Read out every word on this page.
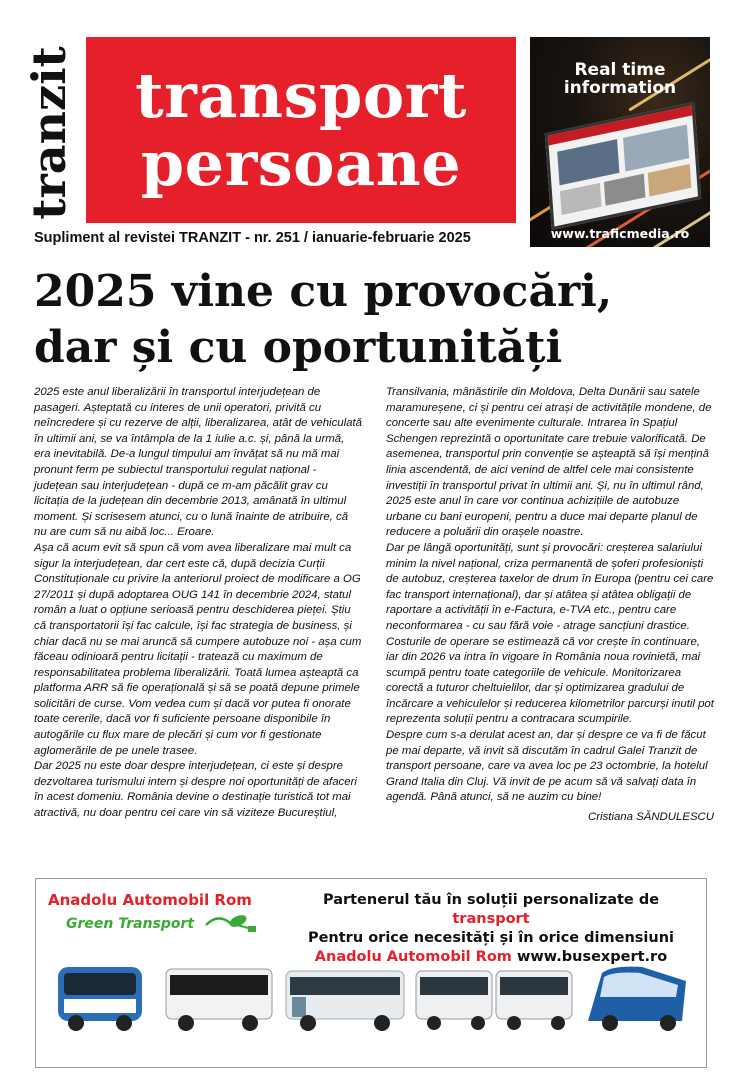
tranzit transport
persoane
Real time
information
www.traficmedia.ro
Supliment al revistei TRANZIT - nr. 251 / ianuarie-februarie 2025
2025 vine cu provocări,
dar și cu oportunități

2025 este anul liberalizării în transportul interjudețean de pasageri. Așteptată cu interes de unii operatori, privită cu neîncredere și cu rezerve de alții, liberalizarea, atât de vehiculată în ultimii ani, se va întâmpla de la 1 iulie a.c. și, până la urmă, era inevitabilă. De-a lungul timpului am învățat să nu mă mai pronunt ferm pe subiectul transportului regulat național - județean sau interjudețean - după ce m-am păcălit grav cu licitația de la județean din decembrie 2013, amânată în ultimul moment. Și scrisesem atunci, cu o lună înainte de atribuire, că nu are cum să nu aibă loc... Eroare.

Așa că acum evit să spun că vom avea liberalizare mai mult ca sigur la interjudețean, dar cert este că, după decizia Curții Constituționale cu privire la anteriorul proiect de modificare a OG 27/2011 și după adoptarea OUG 141 în decembrie 2024, statul român a luat o opțiune serioasă pentru deschiderea pieței. Știu că transportatorii își fac calcule, își fac strategia de business, și chiar dacă nu se mai aruncă să cumpere autobuze noi - așa cum făceau odinioară pentru licitații - tratează cu maximum de responsabilitatea problema liberalizării. Toată lumea așteaptă ca platforma ARR să fie operațională și să se poată depune primele solicitări de curse. Vom vedea cum și dacă vor putea fi onorate toate cererile, dacă vor fi suficiente persoane disponibile în autogările cu flux mare de plecări și cum vor fi gestionate aglomerările de pe unele trasee.

Dar 2025 nu este doar despre interjudețean, ci este și despre dezvoltarea turismului intern și despre noi oportunități de afaceri în acest domeniu. România devine o destinație turistică tot mai atractivă, nu doar pentru cei care vin să viziteze Bucureștiul, Transilvania, mânăstirile din Moldova, Delta Dunării sau satele maramureșene, ci și pentru cei atrași de activitățile mondene, de concerte sau alte evenimente culturale. Intrarea în Spațiul Schengen reprezintă o oportunitate care trebuie valorificată. De asemenea, transportul prin convenție se așteaptă să își mențină linia ascendentă, de aici venind de altfel cele mai consistente investiții în transportul privat în ultimii ani. Și, nu în ultimul rând, 2025 este anul în care vor continua achizițiile de autobuze urbane cu bani europeni, pentru a duce mai departe planul de reducere a poluării din orașele noastre.

Dar pe lângă oportunități, sunt și provocări: creșterea salariului minim la nivel național, criza permanentă de șoferi profesioniști de autobuz, creșterea taxelor de drum în Europa (pentru cei care fac transport internațional), dar și atâtea și atâtea obligații de raportare a activității în e-Factura, e-TVA etc., pentru care neconformarea - cu sau fără voie - atrage sancțiuni drastice. Costurile de operare se estimează că vor crește în continuare, iar din 2026 va intra în vigoare în România noua rovinietă, mai scumpă pentru toate categoriile de vehicule. Monitorizarea corectă a tuturor cheltuielilor, dar și optimizarea gradului de încărcare a vehiculelor și reducerea kilometrilor parcurși inutil pot reprezenta soluții pentru a contracara scumpirile.

Despre cum s-a derulat acest an, dar și despre ce va fi de făcut pe mai departe, vă invit să discutăm în cadrul Galei Tranzit de transport persoane, care va avea loc pe 23 octombrie, la hotelul Grand Italia din Cluj. Vă invit de pe acum să vă salvați data în agendă. Până atunci, să ne auzim cu bine!

Cristiana SĂNDULESCU

Anadolu Automobil Rom
Green Transport
Partenerul tău în soluții personalizate de transport
Pentru orice necesități și în orice dimensiuni
Anadolu Automobil Rom www.busexpert.ro
